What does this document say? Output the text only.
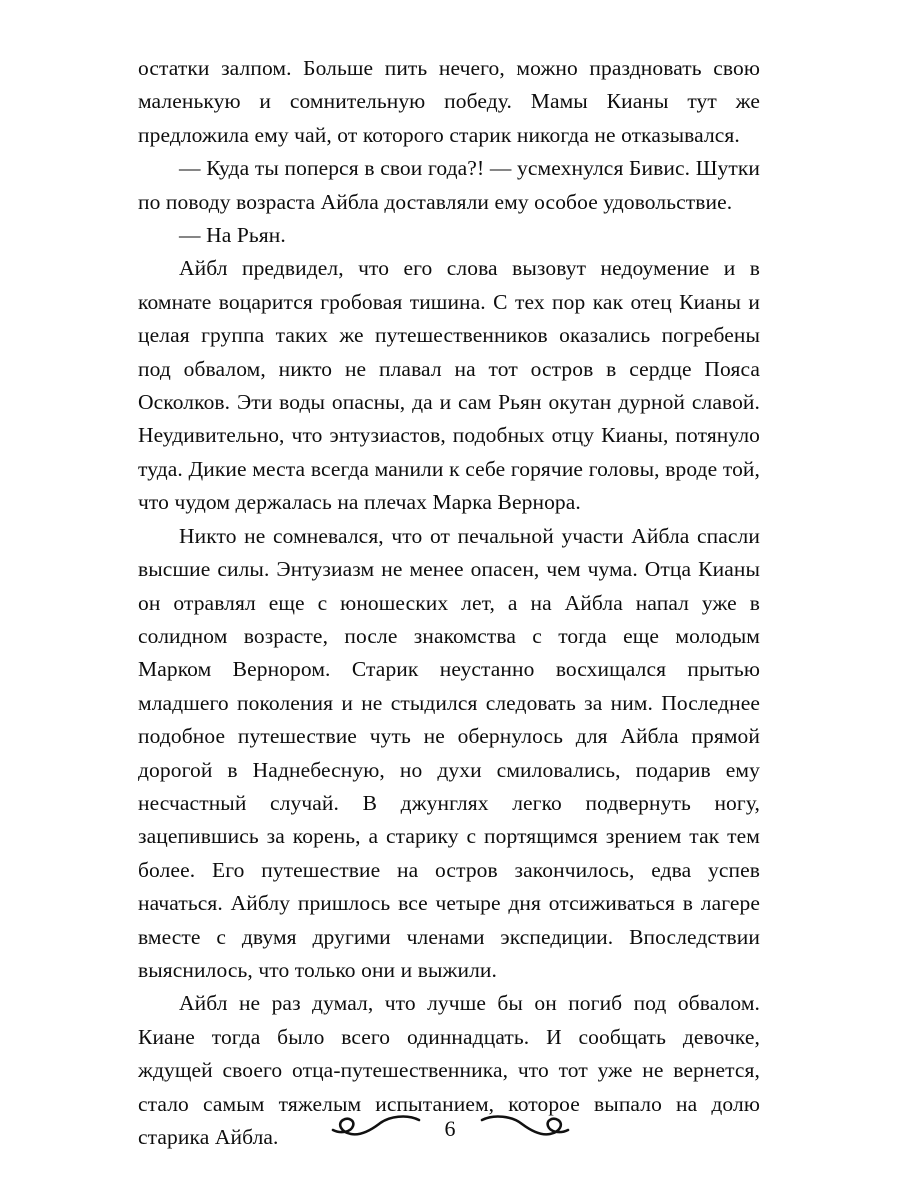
остатки залпом. Больше пить нечего, можно праздновать свою маленькую и сомнительную победу. Мамы Кианы тут же предложила ему чай, от которого старик никогда не отказывался.

— Куда ты поперся в свои года?! — усмехнулся Бивис. Шутки по поводу возраста Айбла доставляли ему особое удовольствие.

— На Рьян.

Айбл предвидел, что его слова вызовут недоумение и в комнате воцарится гробовая тишина. С тех пор как отец Кианы и целая группа таких же путешественников оказались погребены под обвалом, никто не плавал на тот остров в сердце Пояса Осколков. Эти воды опасны, да и сам Рьян окутан дурной славой. Неудивительно, что энтузиастов, подобных отцу Кианы, потянуло туда. Дикие места всегда манили к себе горячие головы, вроде той, что чудом держалась на плечах Марка Вернора.

Никто не сомневался, что от печальной участи Айбла спасли высшие силы. Энтузиазм не менее опасен, чем чума. Отца Кианы он отравлял еще с юношеских лет, а на Айбла напал уже в солидном возрасте, после знакомства с тогда еще молодым Марком Вернором. Старик неустанно восхищался прытью младшего поколения и не стыдился следовать за ним. Последнее подобное путешествие чуть не обернулось для Айбла прямой дорогой в Наднебесную, но духи смиловались, подарив ему несчастный случай. В джунглях легко подвернуть ногу, зацепившись за корень, а старику с портящимся зрением так тем более. Его путешествие на остров закончилось, едва успев начаться. Айблу пришлось все четыре дня отсиживаться в лагере вместе с двумя другими членами экспедиции. Впоследствии выяснилось, что только они и выжили.

Айбл не раз думал, что лучше бы он погиб под обвалом. Киане тогда было всего одиннадцать. И сообщать девочке, ждущей своего отца-путешественника, что тот уже не вернется, стало самым тяжелым испытанием, которое выпало на долю старика Айбла.	6
